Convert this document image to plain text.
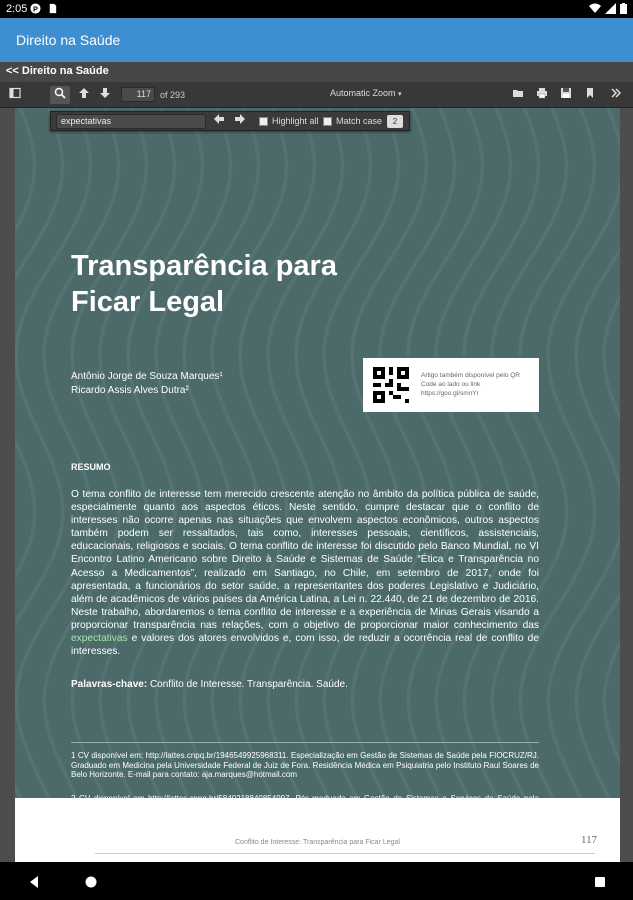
2:05 P
Direito na Saúde
<< Direito na Saúde
117	of 293	Automatic Zoom ▾
Transparência para
Ficar Legal
Antônio Jorge de Souza Marques¹
Ricardo Assis Alves Dutra²
Artigo também disponível pelo QR Code ao lado ou link https://goo.gl/smnYr
RESUMO
O tema conflito de interesse tem merecido crescente atenção no âmbito da política pública de saúde, especialmente quanto aos aspectos éticos. Neste sentido, cumpre destacar que o conflito de interesses não ocorre apenas nas situações que envolvem aspectos econômicos, outros aspectos também podem ser ressaltados, tais como, interesses pessoais, científicos, assistenciais, educacionais, religiosos e sociais. O tema conflito de interesse foi discutido pelo Banco Mundial, no VI Encontro Latino Americano sobre Direito à Saúde e Sistemas de Saúde “Ética e Transparência no Acesso a Medicamentos”, realizado em Santiago, no Chile, em setembro de 2017, onde foi apresentada, a funcionários do setor saúde, a representantes dos poderes Legislativo e Judiciário, além de acadêmicos de vários países da América Latina, a Lei n. 22.440, de 21 de dezembro de 2016. Neste trabalho, abordaremos o tema conflito de interesse e a experiência de Minas Gerais visando a proporcionar transparência nas relações, com o objetivo de proporcionar maior conhecimento das expectativas e valores dos atores envolvidos e, com isso, de reduzir a ocorrência real de conflito de interesses.
Palavras-chave: Conflito de Interesse. Transparência. Saúde.
1 CV disponível em: http://lattes.cnpq.br/1946549925968311. Especialização em Gestão de Sistemas de Saúde pela FIOCRUZ/RJ. Graduado em Medicina pela Universidade Federal de Juiz de Fora. Residência Médica em Psiquiatria pelo Instituto Raul Soares de Belo Horizonte. E-mail para contato: aja.marques@hotmail.com
Conflito de Interesse: Transparência para Ficar Legal	117
expectativas	Highlight all Match case	2
